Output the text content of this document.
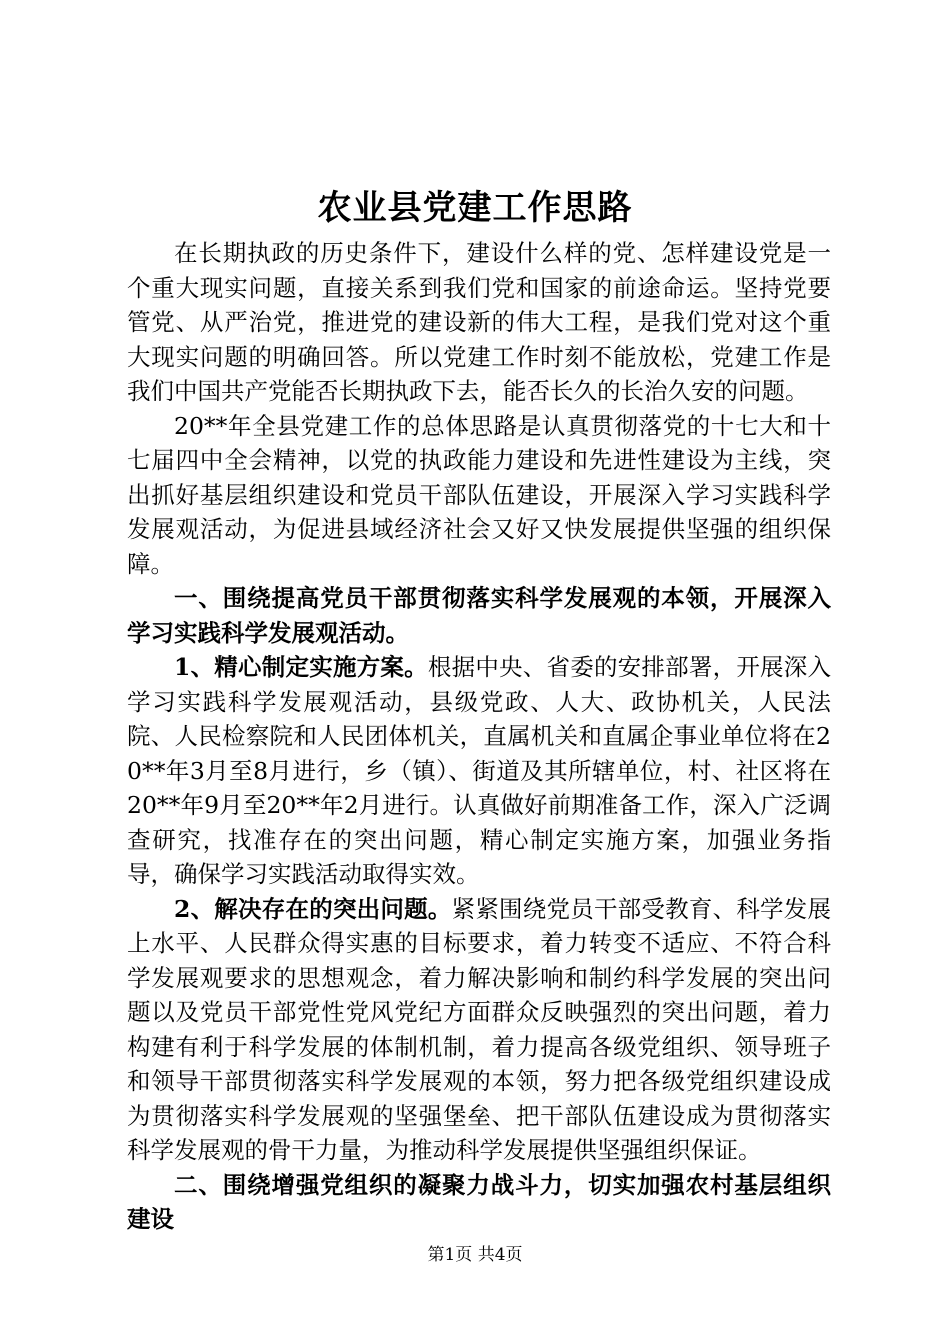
农业县党建工作思路

在长期执政的历史条件下，建设什么样的党、怎样建设党是一个重大现实问题，直接关系到我们党和国家的前途命运。坚持党要管党、从严治党，推进党的建设新的伟大工程，是我们党对这个重大现实问题的明确回答。所以党建工作时刻不能放松，党建工作是我们中国共产党能否长期执政下去，能否长久的长治久安的问题。

20**年全县党建工作的总体思路是认真贯彻落党的十七大和十七届四中全会精神，以党的执政能力建设和先进性建设为主线，突出抓好基层组织建设和党员干部队伍建设，开展深入学习实践科学发展观活动，为促进县域经济社会又好又快发展提供坚强的组织保障。

一、围绕提高党员干部贯彻落实科学发展观的本领，开展深入学习实践科学发展观活动。

1、精心制定实施方案。根据中央、省委的安排部署，开展深入学习实践科学发展观活动，县级党政、人大、政协机关，人民法院、人民检察院和人民团体机关，直属机关和直属企事业单位将在20**年3月至8月进行，乡（镇）、街道及其所辖单位，村、社区将在20**年9月至20**年2月进行。认真做好前期准备工作，深入广泛调查研究，找准存在的突出问题，精心制定实施方案，加强业务指导，确保学习实践活动取得实效。

2、解决存在的突出问题。紧紧围绕党员干部受教育、科学发展上水平、人民群众得实惠的目标要求，着力转变不适应、不符合科学发展观要求的思想观念，着力解决影响和制约科学发展的突出问题以及党员干部党性党风党纪方面群众反映强烈的突出问题，着力构建有利于科学发展的体制机制，着力提高各级党组织、领导班子和领导干部贯彻落实科学发展观的本领，努力把各级党组织建设成为贯彻落实科学发展观的坚强堡垒、把干部队伍建设成为贯彻落实科学发展观的骨干力量，为推动科学发展提供坚强组织保证。

二、围绕增强党组织的凝聚力战斗力，切实加强农村基层组织建设

第1页 共4页
